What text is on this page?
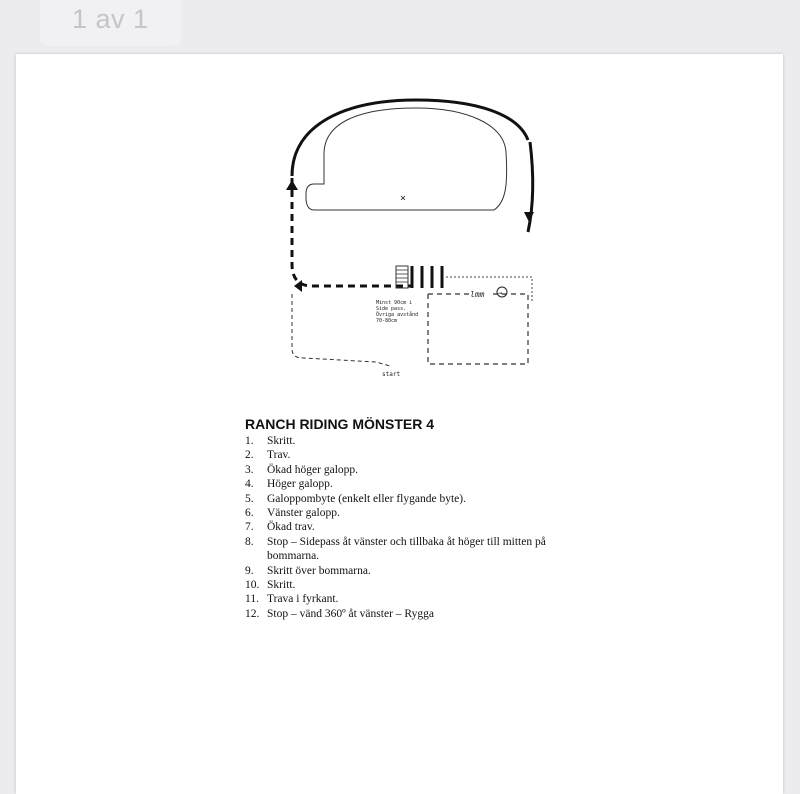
1 av 1
×
lmm →
start
Minst 90cm i
Side pass.
Övriga avstånd
70-80cm
RANCH RIDING MÖNSTER 4
1.	Skritt.
2.	Trav.
3.	Ökad höger galopp.
4.	Höger galopp.
5.	Galoppombyte (enkelt eller flygande byte).
6.	Vänster galopp.
7.	Ökad trav.
8.	Stop – Sidepass åt vänster och tillbaka åt höger till mitten på bommarna.
9.	Skritt över bommarna.
10. Skritt.
11. Trava i fyrkant.
12. Stop – vänd 360º åt vänster – Rygga
